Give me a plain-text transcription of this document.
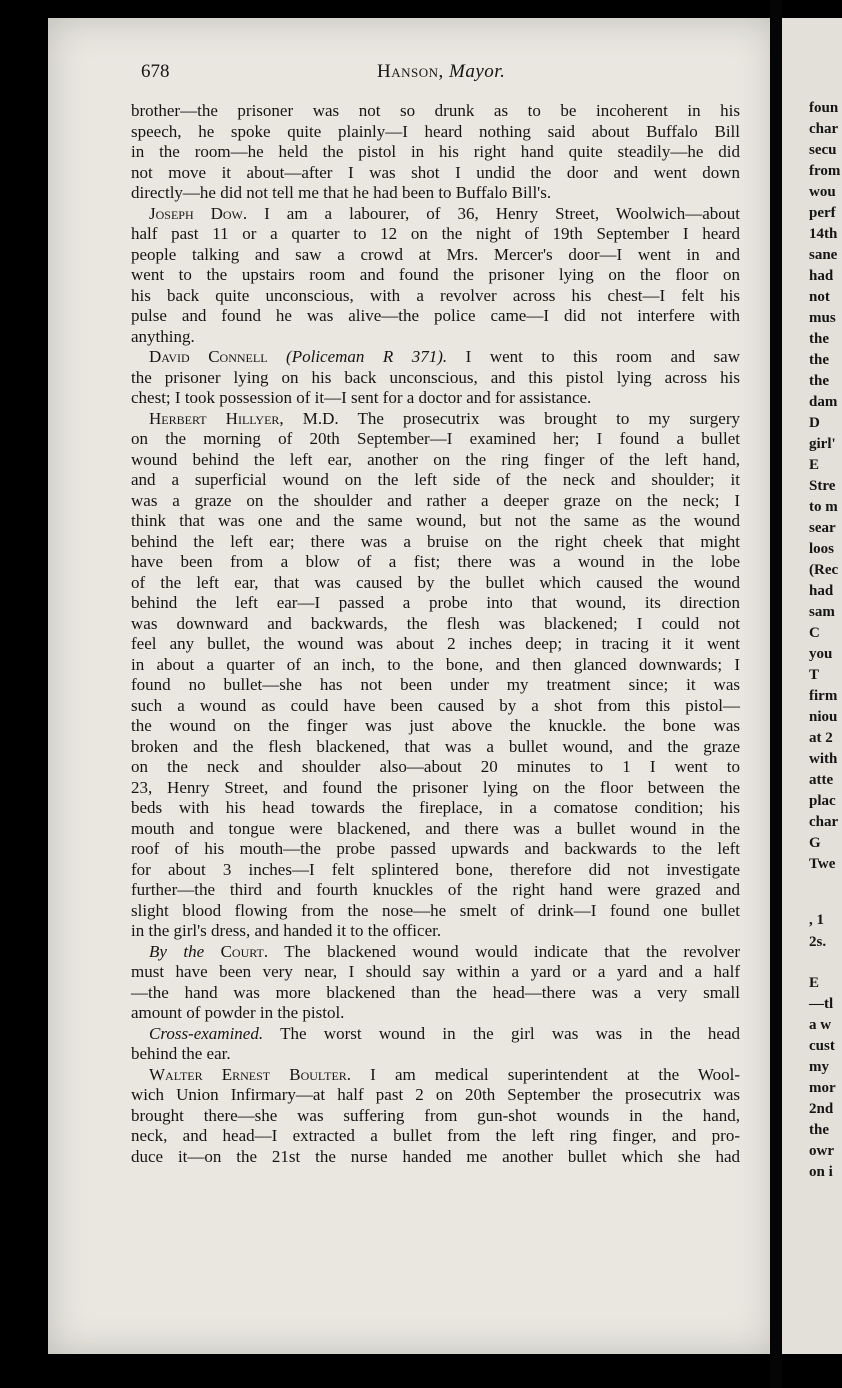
foun
char
secu
from
wou
perf
14th
sane
had
not
mus
the
the
the
dam
D
girl'
E
Stre
to m
sear
loos
(Rec
had
sam
C
you
T
firm
niou
at 2
with
atte
plac
char
G
Twe
, 1
2s.
E
—tl
a w
cust
my
mor
2nd
the
owr
on i
678	Hanson, Mayor.
brother—the prisoner was not so drunk as to be incoherent in his
speech, he spoke quite plainly—I heard nothing said about Buffalo Bill
in the room—he held the pistol in his right hand quite steadily—he did
not move it about—after I was shot I undid the door and went down
directly—he did not tell me that he had been to Buffalo Bill's.
Joseph Dow. I am a labourer, of 36, Henry Street, Woolwich—about
half past 11 or a quarter to 12 on the night of 19th September I heard
people talking and saw a crowd at Mrs. Mercer's door—I went in and
went to the upstairs room and found the prisoner lying on the floor on
his back quite unconscious, with a revolver across his chest—I felt his
pulse and found he was alive—the police came—I did not interfere with
anything.
David Connell (Policeman R 371). I went to this room and saw
the prisoner lying on his back unconscious, and this pistol lying across his
chest; I took possession of it—I sent for a doctor and for assistance.
Herbert Hillyer, M.D. The prosecutrix was brought to my surgery
on the morning of 20th September—I examined her; I found a bullet
wound behind the left ear, another on the ring finger of the left hand,
and a superficial wound on the left side of the neck and shoulder; it
was a graze on the shoulder and rather a deeper graze on the neck; I
think that was one and the same wound, but not the same as the wound
behind the left ear; there was a bruise on the right cheek that might
have been from a blow of a fist; there was a wound in the lobe
of the left ear, that was caused by the bullet which caused the wound
behind the left ear—I passed a probe into that wound, its direction
was downward and backwards, the flesh was blackened; I could not
feel any bullet, the wound was about 2 inches deep; in tracing it it went
in about a quarter of an inch, to the bone, and then glanced downwards; I
found no bullet—she has not been under my treatment since; it was
such a wound as could have been caused by a shot from this pistol—
the wound on the finger was just above the knuckle. the bone was
broken and the flesh blackened, that was a bullet wound, and the graze
on the neck and shoulder also—about 20 minutes to 1 I went to
23, Henry Street, and found the prisoner lying on the floor between the
beds with his head towards the fireplace, in a comatose condition; his
mouth and tongue were blackened, and there was a bullet wound in the
roof of his mouth—the probe passed upwards and backwards to the left
for about 3 inches—I felt splintered bone, therefore did not investigate
further—the third and fourth knuckles of the right hand were grazed and
slight blood flowing from the nose—he smelt of drink—I found one bullet
in the girl's dress, and handed it to the officer.
By the Court. The blackened wound would indicate that the revolver
must have been very near, I should say within a yard or a yard and a half
—the hand was more blackened than the head—there was a very small
amount of powder in the pistol.
Cross-examined. The worst wound in the girl was was in the head
behind the ear.
Walter Ernest Boulter. I am medical superintendent at the Wool-
wich Union Infirmary—at half past 2 on 20th September the prosecutrix was
brought there—she was suffering from gun-shot wounds in the hand,
neck, and head—I extracted a bullet from the left ring finger, and pro-
duce it—on the 21st the nurse handed me another bullet which she had
